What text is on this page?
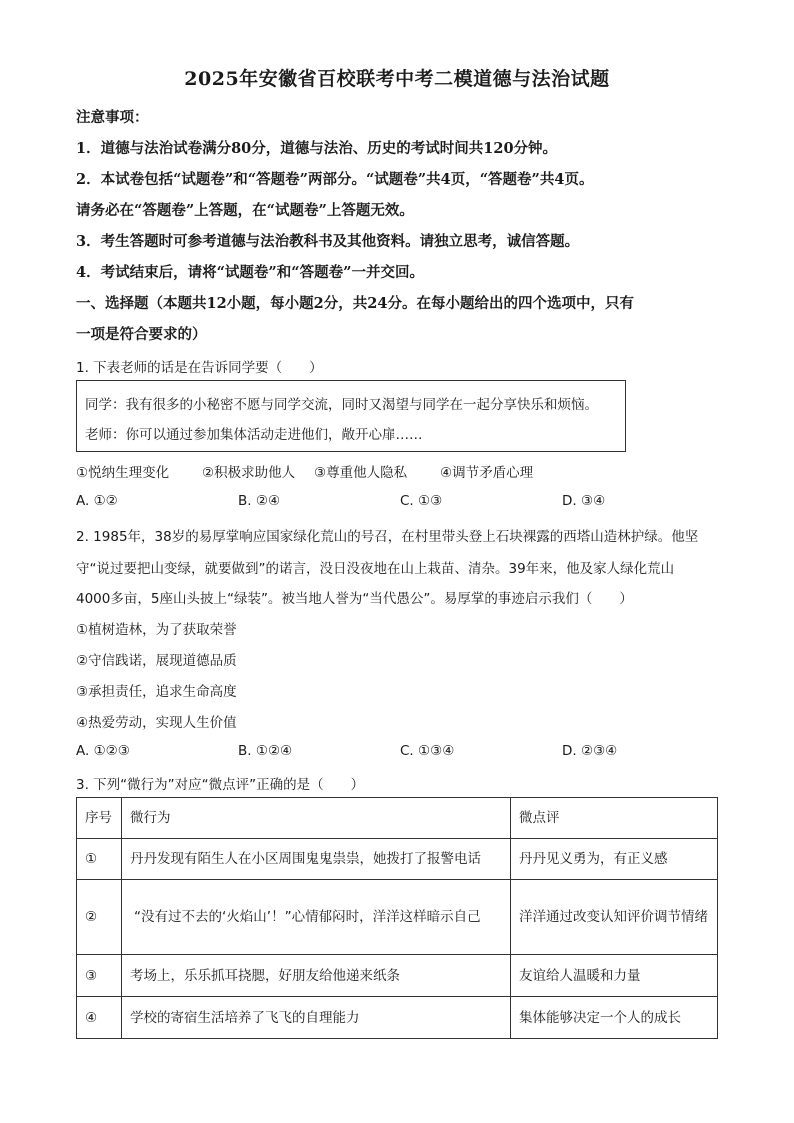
2025年安徽省百校联考中考二模道德与法治试题
注意事项：
1．道德与法治试卷满分80分，道德与法治、历史的考试时间共120分钟。
2．本试卷包括“试题卷”和“答题卷”两部分。“试题卷”共4页，“答题卷”共4页。
请务必在“答题卷”上答题，在“试题卷”上答题无效。
3．考生答题时可参考道德与法治教科书及其他资料。请独立思考，诚信答题。
4．考试结束后，请将“试题卷”和“答题卷”一并交回。
一、选择题（本题共12小题，每小题2分，共24分。在每小题给出的四个选项中，只有
一项是符合要求的）
1. 下表老师的话是在告诉同学要（　　）
同学：我有很多的小秘密不愿与同学交流，同时又渴望与同学在一起分享快乐和烦恼。
老师：你可以通过参加集体活动走进他们，敞开心扉……
①悦纳生理变化 ②积极求助他人 ③尊重他人隐私 ④调节矛盾心理
A. ①②	B. ②④	C. ①③	D. ③④
2. 1985年，38岁的易厚掌响应国家绿化荒山的号召，在村里带头登上石块裸露的西塔山造林护绿。他坚
守“说过要把山变绿，就要做到”的诺言，没日没夜地在山上栽苗、清杂。39年来，他及家人绿化荒山
4000多亩，5座山头披上“绿装”。被当地人誉为“当代愚公”。易厚掌的事迹启示我们（　　）
①植树造林，为了获取荣誉
②守信践诺，展现道德品质
③承担责任，追求生命高度
④热爱劳动，实现人生价值
A. ①②③	B. ①②④	C. ①③④	D. ②③④
3. 下列“微行为”对应“微点评”正确的是（　　）
序号	微行为	微点评
①	丹丹发现有陌生人在小区周围鬼鬼祟祟，她拨打了报警电话	丹丹见义勇为，有正义感
②	“没有过不去的‘火焰山’！”心情郁闷时，洋洋这样暗示自己	洋洋通过改变认知评价调节情绪
③	考场上，乐乐抓耳挠腮，好朋友给他递来纸条	友谊给人温暖和力量
④	学校的寄宿生活培养了飞飞的自理能力	集体能够决定一个人的成长
